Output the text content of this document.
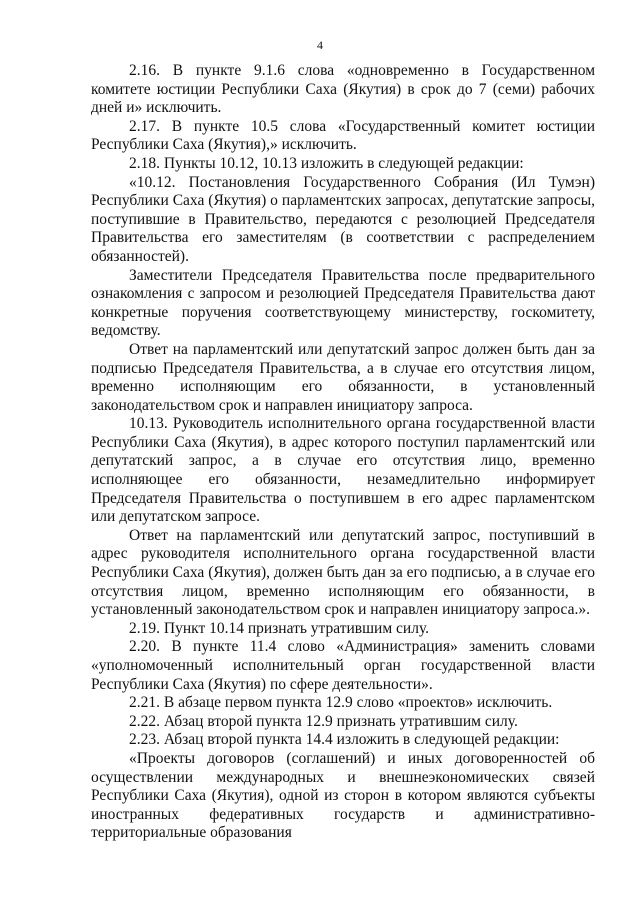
4

2.16. В пункте 9.1.6 слова «одновременно в Государственном комитете юстиции Республики Саха (Якутия) в срок до 7 (семи) рабочих дней и» исключить.

2.17. В пункте 10.5 слова «Государственный комитет юстиции Республики Саха (Якутия),» исключить.

2.18. Пункты 10.12, 10.13 изложить в следующей редакции:

«10.12. Постановления Государственного Собрания (Ил Тумэн) Республики Саха (Якутия) о парламентских запросах, депутатские запросы, поступившие в Правительство, передаются с резолюцией Председателя Правительства его заместителям (в соответствии с распределением обязанностей).

Заместители Председателя Правительства после предварительного ознакомления с запросом и резолюцией Председателя Правительства дают конкретные поручения соответствующему министерству, госкомитету, ведомству.

Ответ на парламентский или депутатский запрос должен быть дан за подписью Председателя Правительства, а в случае его отсутствия лицом, временно исполняющим его обязанности, в установленный законодательством срок и направлен инициатору запроса.

10.13. Руководитель исполнительного органа государственной власти Республики Саха (Якутия), в адрес которого поступил парламентский или депутатский запрос, а в случае его отсутствия лицо, временно исполняющее его обязанности, незамедлительно информирует Председателя Правительства о поступившем в его адрес парламентском или депутатском запросе.

Ответ на парламентский или депутатский запрос, поступивший в адрес руководителя исполнительного органа государственной власти Республики Саха (Якутия), должен быть дан за его подписью, а в случае его отсутствия лицом, временно исполняющим его обязанности, в установленный законодательством срок и направлен инициатору запроса.».

2.19. Пункт 10.14 признать утратившим силу.

2.20. В пункте 11.4 слово «Администрация» заменить словами «уполномоченный исполнительный орган государственной власти Республики Саха (Якутия) по сфере деятельности».

2.21. В абзаце первом пункта 12.9 слово «проектов» исключить.

2.22. Абзац второй пункта 12.9 признать утратившим силу.

2.23. Абзац второй пункта 14.4 изложить в следующей редакции:

«Проекты договоров (соглашений) и иных договоренностей об осуществлении международных и внешнеэкономических связей Республики Саха (Якутия), одной из сторон в котором являются субъекты иностранных федеративных государств и административно-территориальные образования
